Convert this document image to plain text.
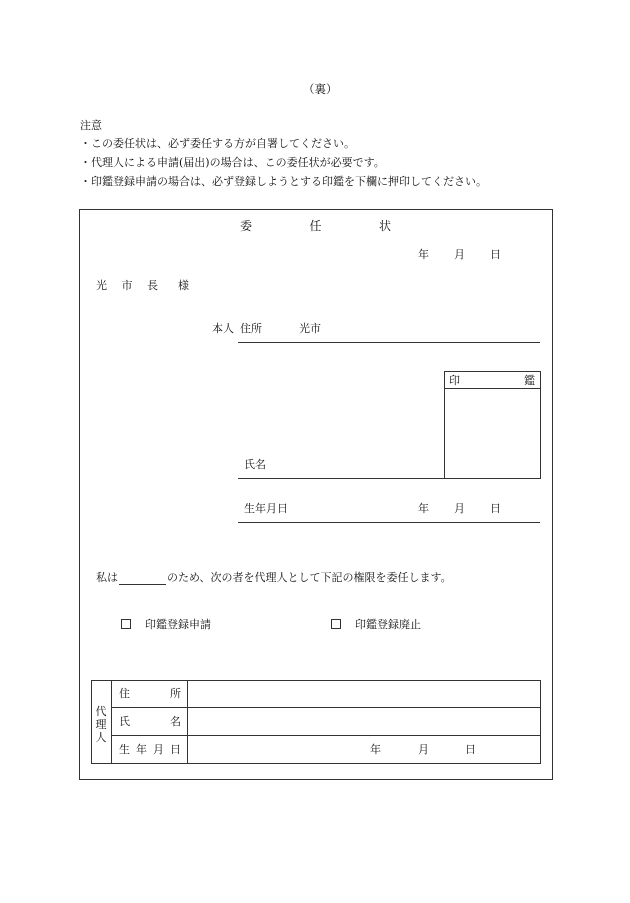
（裏）
注意
・この委任状は、必ず委任する方が自署してください。
・代理人による申請(届出)の場合は、この委任状が必要です。
・印鑑登録申請の場合は、必ず登録しようとする印鑑を下欄に押印してください。
委	任	状
年 月 日
光 市 長 様
本人 住所	光市
印	鑑
氏名
生年月日	年 月 日
私は	のため、次の者を代理人として下記の権限を委任します。
印鑑登録申請	印鑑登録廃止
代
理
人
住	所
氏	名
生 年 月 日	年	月	日
